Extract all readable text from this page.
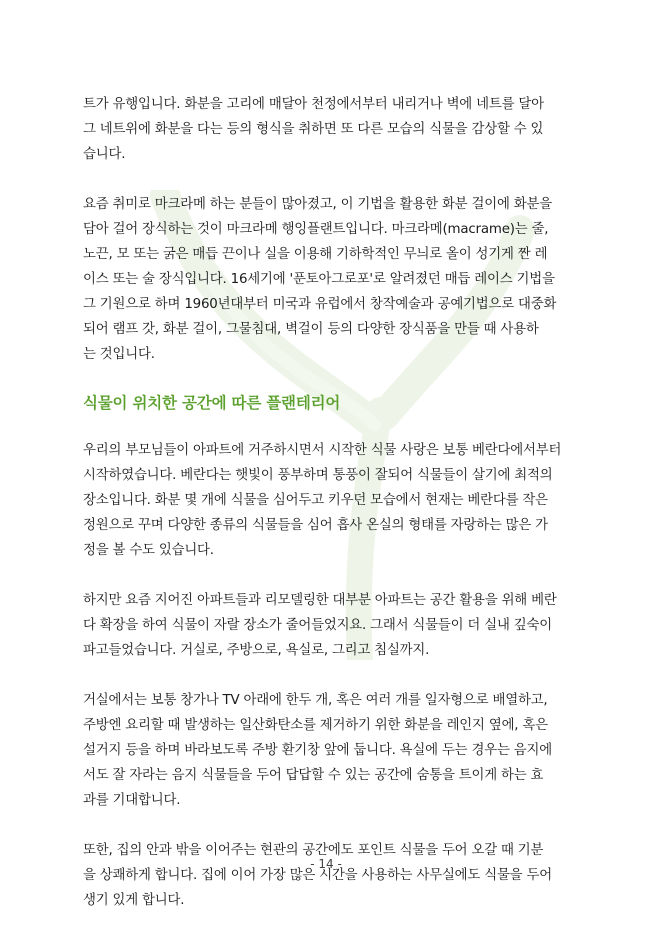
트가 유행입니다. 화분을 고리에 매달아 천정에서부터 내리거나 벽에 네트를 달아
그 네트위에 화분을 다는 등의 형식을 취하면 또 다른 모습의 식물을 감상할 수 있
습니다.

요즘 취미로 마크라메 하는 분들이 많아졌고, 이 기법을 활용한 화분 걸이에 화분을
담아 걸어 장식하는 것이 마크라메 행잉플랜트입니다. 마크라메(macrame)는 줄,
노끈, 모 또는 굵은 매듭 끈이나 실을 이용해 기하학적인 무늬로 올이 성기게 짠 레
이스 또는 술 장식입니다. 16세기에 '푼토아그로포'로 알려졌던 매듭 레이스 기법을
그 기원으로 하며 1960년대부터 미국과 유럽에서 창작예술과 공예기법으로 대중화
되어 램프 갓, 화분 걸이, 그물침대, 벽걸이 등의 다양한 장식품을 만들 때 사용하
는 것입니다.

식물이 위치한 공간에 따른 플랜테리어

우리의 부모님들이 아파트에 거주하시면서 시작한 식물 사랑은 보통 베란다에서부터
시작하였습니다. 베란다는 햇빛이 풍부하며 통풍이 잘되어 식물들이 살기에 최적의
장소입니다. 화분 몇 개에 식물을 심어두고 키우던 모습에서 현재는 베란다를 작은
정원으로 꾸며 다양한 종류의 식물들을 심어 흡사 온실의 형태를 자랑하는 많은 가
정을 볼 수도 있습니다.

하지만 요즘 지어진 아파트들과 리모델링한 대부분 아파트는 공간 활용을 위해 베란
다 확장을 하여 식물이 자랄 장소가 줄어들었지요. 그래서 식물들이 더 실내 깊숙이
파고들었습니다. 거실로, 주방으로, 욕실로, 그리고 침실까지.

거실에서는 보통 창가나 TV 아래에 한두 개, 혹은 여러 개를 일자형으로 배열하고,
주방엔 요리할 때 발생하는 일산화탄소를 제거하기 위한 화분을 레인지 옆에, 혹은
설거지 등을 하며 바라보도록 주방 환기창 앞에 둡니다. 욕실에 두는 경우는 음지에
서도 잘 자라는 음지 식물들을 두어 답답할 수 있는 공간에 숨통을 트이게 하는 효
과를 기대합니다.

또한, 집의 안과 밖을 이어주는 현관의 공간에도 포인트 식물을 두어 오갈 때 기분
을 상쾌하게 합니다. 집에 이어 가장 많은 시간을 사용하는 사무실에도 식물을 두어
생기 있게 합니다.

- 14 -
